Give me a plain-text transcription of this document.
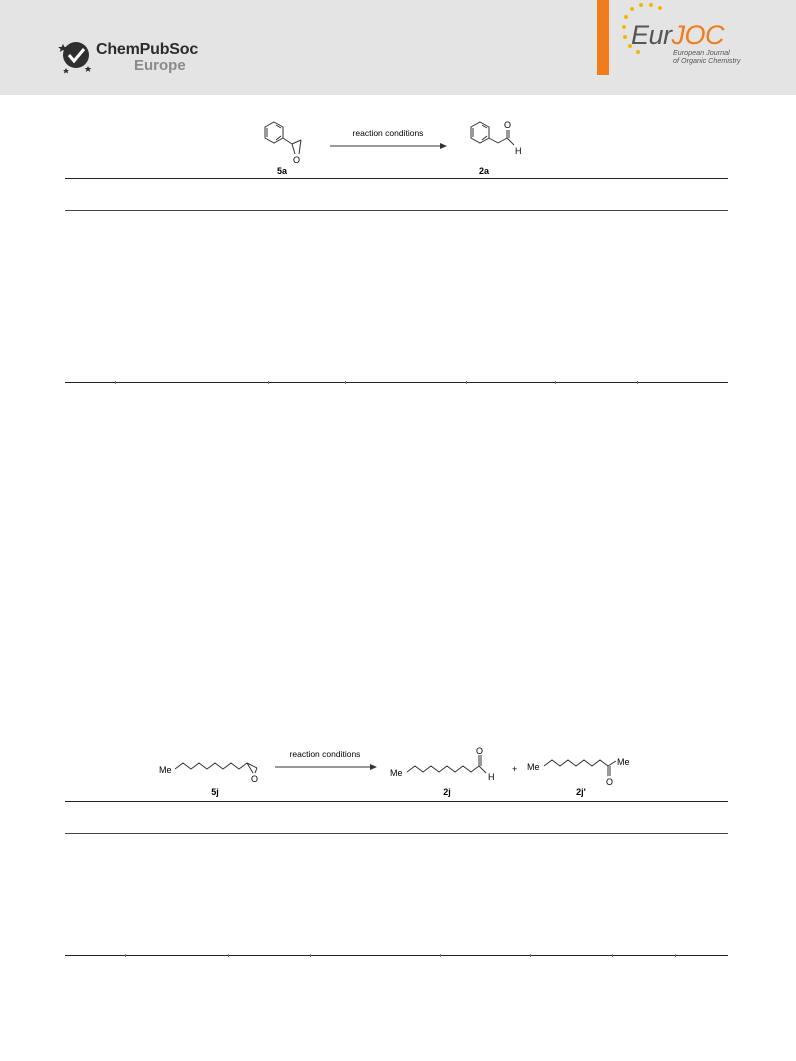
ChemPubSoc
Europe
EurJOC
European Journal
of Organic Chemistry
O
5a
reaction conditions
O
H
2a
Me
O
5j
reaction conditions
Me
O
H
2j
+ Me	Me
O
2j'
